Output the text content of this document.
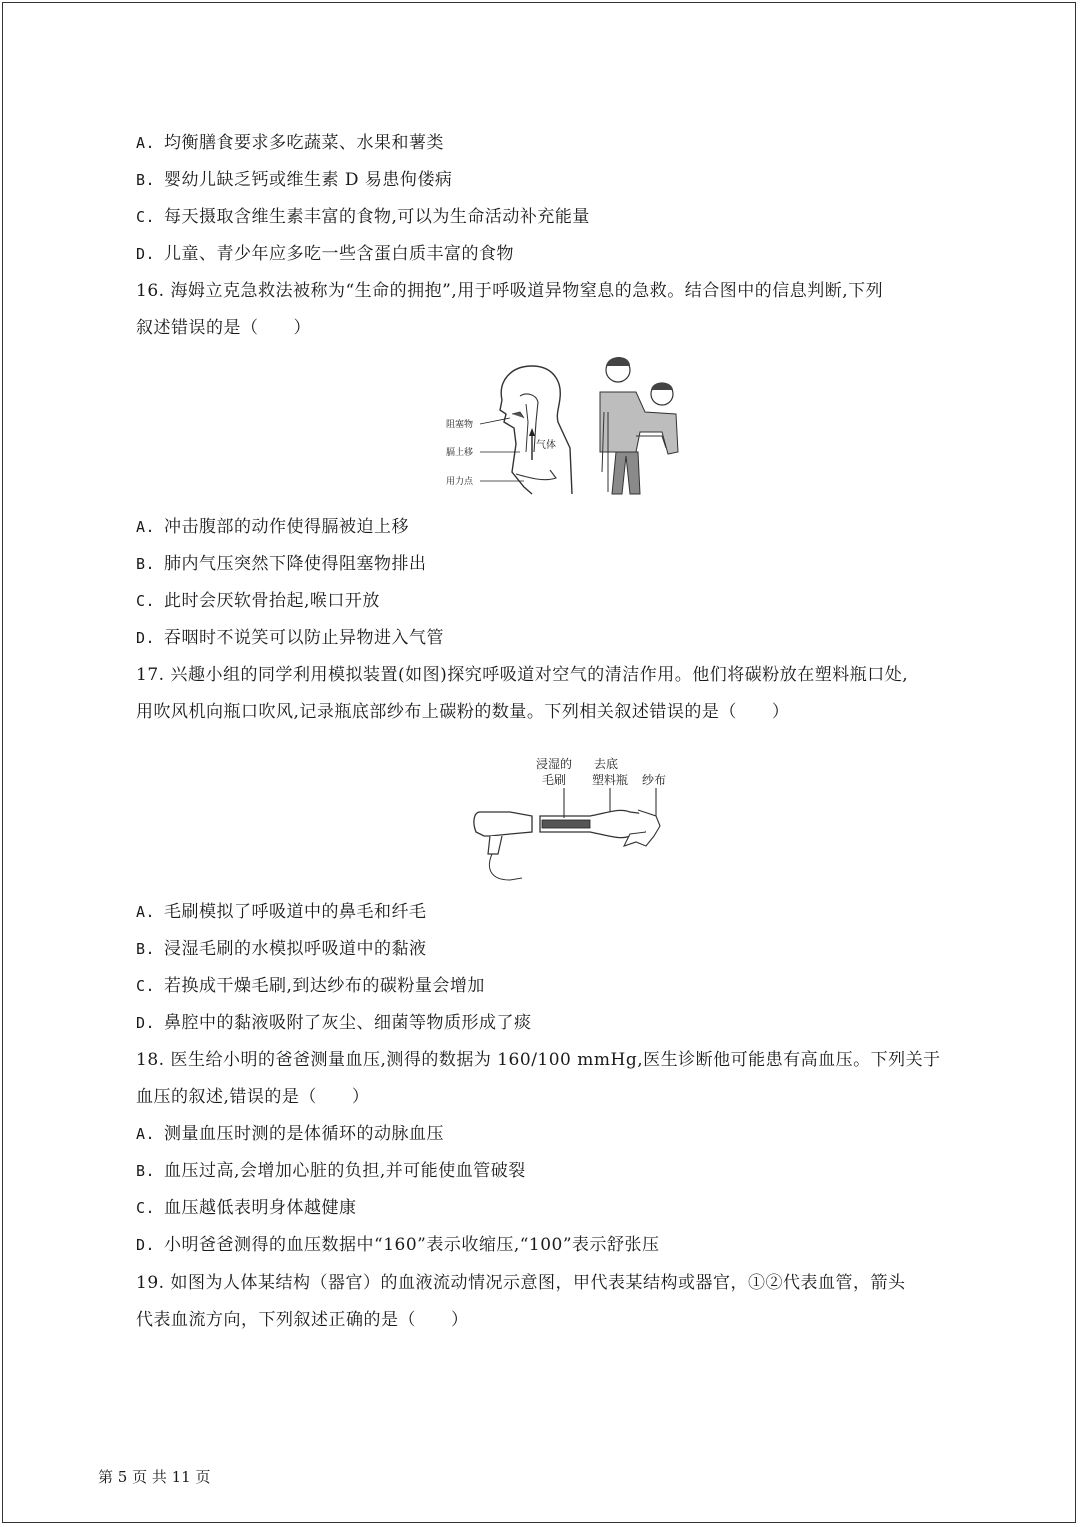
A. 均衡膳食要求多吃蔬菜、水果和薯类
B. 婴幼儿缺乏钙或维生素 D 易患佝偻病
C. 每天摄取含维生素丰富的食物,可以为生命活动补充能量
D. 儿童、青少年应多吃一些含蛋白质丰富的食物
16. 海姆立克急救法被称为“生命的拥抱”,用于呼吸道异物窒息的急救。结合图中的信息判断,下列
叙述错误的是（　　）
气体
阻塞物
膈上移
用力点
A. 冲击腹部的动作使得膈被迫上移
B. 肺内气压突然下降使得阻塞物排出
C. 此时会厌软骨抬起,喉口开放
D. 吞咽时不说笑可以防止异物进入气管
17. 兴趣小组的同学利用模拟装置(如图)探究呼吸道对空气的清洁作用。他们将碳粉放在塑料瓶口处,
用吹风机向瓶口吹风,记录瓶底部纱布上碳粉的数量。下列相关叙述错误的是（　　）
浸湿的
毛刷
去底
塑料瓶 纱布
A. 毛刷模拟了呼吸道中的鼻毛和纤毛
B. 浸湿毛刷的水模拟呼吸道中的黏液
C. 若换成干燥毛刷,到达纱布的碳粉量会增加
D. 鼻腔中的黏液吸附了灰尘、细菌等物质形成了痰
18. 医生给小明的爸爸测量血压,测得的数据为 160/100 mmHg,医生诊断他可能患有高血压。下列关于
血压的叙述,错误的是（　　）
A. 测量血压时测的是体循环的动脉血压
B. 血压过高,会增加心脏的负担,并可能使血管破裂
C. 血压越低表明身体越健康
D. 小明爸爸测得的血压数据中“160”表示收缩压,“100”表示舒张压
19. 如图为人体某结构（器官）的血液流动情况示意图，甲代表某结构或器官，①②代表血管，箭头
代表血流方向，下列叙述正确的是（　　）
第 5 页 共 11 页
